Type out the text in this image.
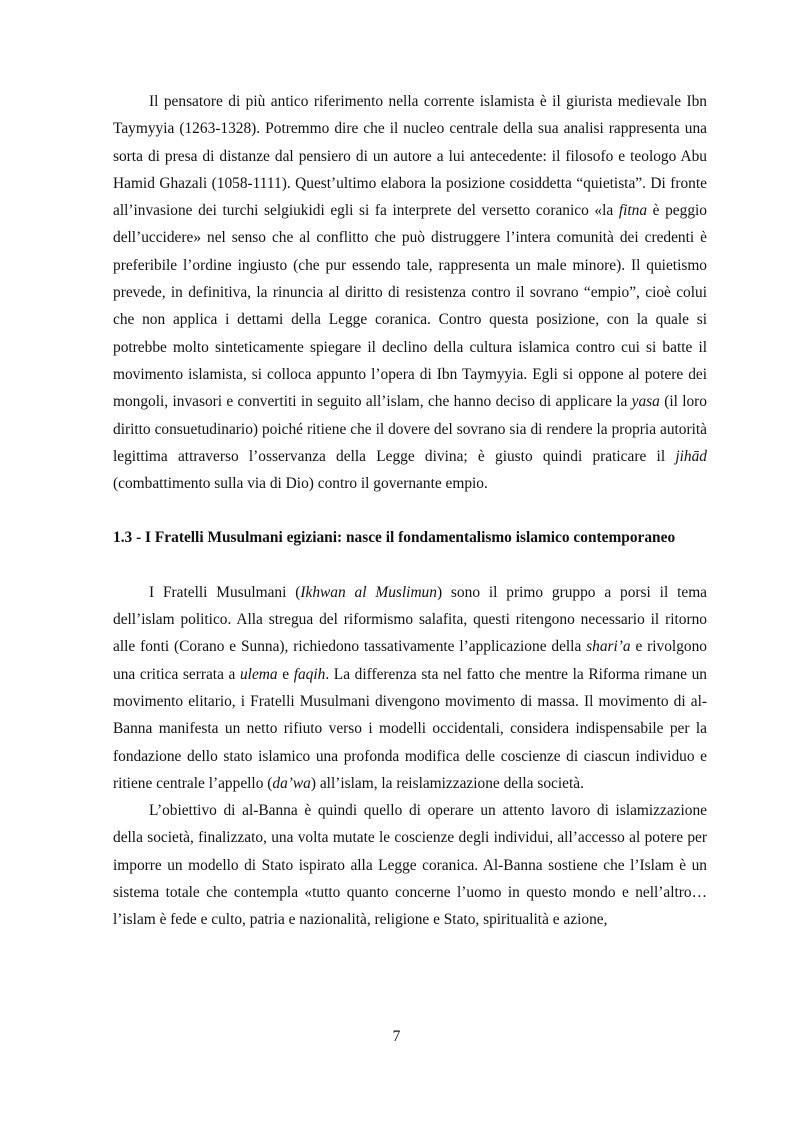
Il pensatore di più antico riferimento nella corrente islamista è il giurista medievale Ibn Taymyyia (1263-1328). Potremmo dire che il nucleo centrale della sua analisi rappresenta una sorta di presa di distanze dal pensiero di un autore a lui antecedente: il filosofo e teologo Abu Hamid Ghazali (1058-1111). Quest’ultimo elabora la posizione cosiddetta “quietista”. Di fronte all’invasione dei turchi selgiukidi egli si fa interprete del versetto coranico «la fitna è peggio dell’uccidere» nel senso che al conflitto che può distruggere l’intera comunità dei credenti è preferibile l’ordine ingiusto (che pur essendo tale, rappresenta un male minore). Il quietismo prevede, in definitiva, la rinuncia al diritto di resistenza contro il sovrano “empio”, cioè colui che non applica i dettami della Legge coranica. Contro questa posizione, con la quale si potrebbe molto sinteticamente spiegare il declino della cultura islamica contro cui si batte il movimento islamista, si colloca appunto l’opera di Ibn Taymyyia. Egli si oppone al potere dei mongoli, invasori e convertiti in seguito all’islam, che hanno deciso di applicare la yasa (il loro diritto consuetudinario) poiché ritiene che il dovere del sovrano sia di rendere la propria autorità legittima attraverso l’osservanza della Legge divina; è giusto quindi praticare il jihād (combattimento sulla via di Dio) contro il governante empio.

1.3 - I Fratelli Musulmani egiziani: nasce il fondamentalismo islamico contemporaneo

I Fratelli Musulmani (Ikhwan al Muslimun) sono il primo gruppo a porsi il tema dell’islam politico. Alla stregua del riformismo salafita, questi ritengono necessario il ritorno alle fonti (Corano e Sunna), richiedono tassativamente l’applicazione della shari’a e rivolgono una critica serrata a ulema e faqih. La differenza sta nel fatto che mentre la Riforma rimane un movimento elitario, i Fratelli Musulmani divengono movimento di massa. Il movimento di al-Banna manifesta un netto rifiuto verso i modelli occidentali, considera indispensabile per la fondazione dello stato islamico una profonda modifica delle coscienze di ciascun individuo e ritiene centrale l’appello (da’wa) all’islam, la reislamizzazione della società.

L’obiettivo di al-Banna è quindi quello di operare un attento lavoro di islamizzazione della società, finalizzato, una volta mutate le coscienze degli individui, all’accesso al potere per imporre un modello di Stato ispirato alla Legge coranica. Al-Banna sostiene che l’Islam è un sistema totale che contempla «tutto quanto concerne l’uomo in questo mondo e nell’altro…l’islam è fede e culto, patria e nazionalità, religione e Stato, spiritualità e azione,

7
